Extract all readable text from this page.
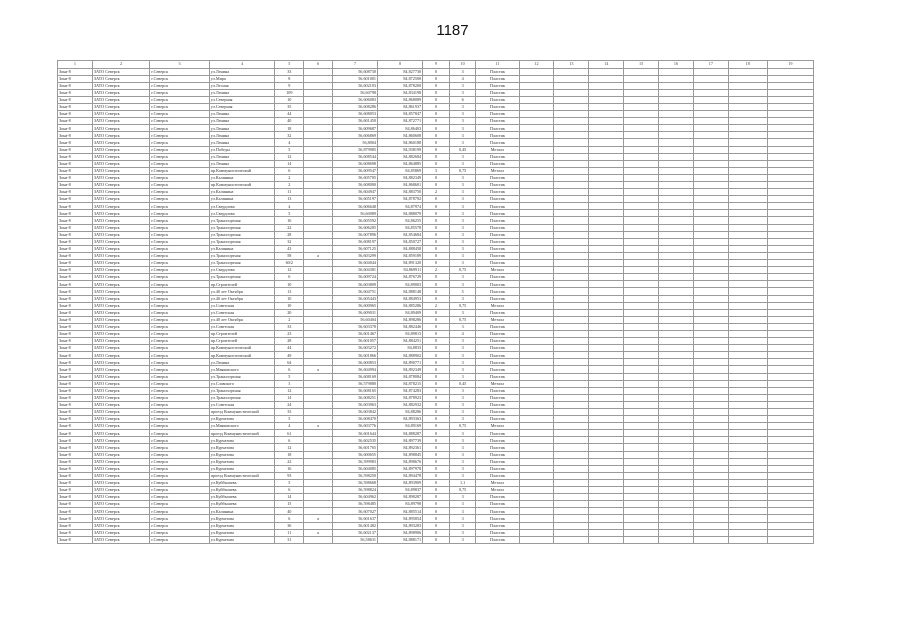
1187
1	2	3	4	5	6	7	8	9	10	11	12	13	14	15	16	17	18	19
Зона-8	ЗАТО Северск	г.Северск	ул.Ленина	33		56,608730	84,827730	0	3	Пластик								
Зона-8	ЗАТО Северск	г.Северск	ул.Мира	8		56,601001	84,872500	0	4	Пластик								
Зона-8	ЗАТО Северск	г.Северск	ул.Лесная	9		56,602103	84,878200	0	3	Пластик								
Зона-8	ЗАТО Северск	г.Северск	ул.Ленина	109		56,60798	84,834198	0	3	Пластик								
Зона-8	ЗАТО Северск	г.Северск	ул.Северная	10		56,606083	84,868089	0	6	Пластик								
Зона-8	ЗАТО Северск	г.Северск	ул.Северная	35		56,608286	84,861937	0	3	Пластик								
Зона-8	ЗАТО Северск	г.Северск	ул.Ленина	44		56,608053	84,857847	0	3	Пластик								
Зона-8	ЗАТО Северск	г.Северск	ул.Ленина	40		56,601450	84,872771	0	3	Пластик								
Зона-8	ЗАТО Северск	г.Северск	ул.Ленина	18		56,609687	84,86403	0	3	Пластик								
Зона-8	ЗАТО Северск	г.Северск	ул.Ленина	32		56,606869	84,860608	0	3	Пластик								
Зона-8	ЗАТО Северск	г.Северск	ул.Ленина	4		56,8004	84,860188	0	3	Пластик								
Зона-8	ЗАТО Северск	г.Северск	ул.Победы	5		56,879985	84,938199	0	0,45	Металл								
Зона-8	ЗАТО Северск	г.Северск	ул.Ленина	12		56,608544	84,882684	0	3	Пластик								
Зона-8	ЗАТО Северск	г.Северск	ул.Ленина	14		56,608698	84,864885	0	3	Пластик								
Зона-8	ЗАТО Северск	г.Северск	пр.Коммунистический	6		56,609547	84,85869	3	0,75	Металл								
Зона-8	ЗАТО Северск	г.Северск	ул.Калинина	2		56,605705	84,882349	0	3	Пластик								
Зона-8	ЗАТО Северск	г.Северск	пр.Коммунистический	2		56,608000	84,868601	0	3	Пластик								
Зона-8	ЗАТО Северск	г.Северск	ул.Калинина	11		56,604947	84,883750	2	3	Пластик								
Зона-8	ЗАТО Северск	г.Северск	ул.Калинина	13		56,605197	84,878792	0	3	Пластик								
Зона-8	ЗАТО Северск	г.Северск	ул.Свердлова	4		56,606648	84,87974	0	3	Пластик								
Зона-8	ЗАТО Северск	г.Северск	ул.Свердлова	5		56,60089	84,888079	0	3	Пластик								
Зона-8	ЗАТО Северск	г.Северск	ул.Транспортная	16		56,605592	84,86255	0	3	Пластик								
Зона-8	ЗАТО Северск	г.Северск	ул.Транспортная	22		56,606205	84,85578	0	3	Пластик								
Зона-8	ЗАТО Северск	г.Северск	ул.Транспортная	28		56,607896	84,854684	0	3	Пластик								
Зона-8	ЗАТО Северск	г.Северск	ул.Транспортная	32		56,608197	84,850727	0	3	Пластик								
Зона-8	ЗАТО Северск	г.Северск	ул.Калинина	43		56,607125	84,888458	0	3	Пластик								
Зона-8	ЗАТО Северск	г.Северск	ул.Транспортная	58	а	56,603299	84,859189	0	3	Пластик								
Зона-8	ЗАТО Северск	г.Северск	ул.Транспортная	60/2		56,604044	84,891320	0	3	Пластик								
Зона-8	ЗАТО Северск	г.Северск	ул.Свердлова	12		56,604381	84,869911	2	0,75	Металл								
Зона-8	ЗАТО Северск	г.Северск	ул.Транспортная	6		56,609724	84,876729	0	3	Пластик								
Зона-8	ЗАТО Северск	г.Северск	пр.Строителей	10		56,603809	84,89003	0	3	Пластик								
Зона-8	ЗАТО Северск	г.Северск	ул.40 лет Октября	13		56,604751	84,888148	0	5	Пластик								
Зона-8	ЗАТО Северск	г.Северск	ул.40 лет Октября	10		56,605443	84,884953	0	3	Пластик								
Зона-8	ЗАТО Северск	г.Северск	ул.Советская	10		56,600965	84,885286	2	0,75	Металл								
Зона-8	ЗАТО Северск	г.Северск	ул.Советская	20		56,609031	84,89409	0	3	Пластик								
Зона-8	ЗАТО Северск	г.Северск	ул.40 лет Октября	2		56,60404	84,898286	0	0,75	Металл								
Зона-8	ЗАТО Северск	г.Северск	ул.Советская	33		56,603378	84,882446	0	3	Пластик								
Зона-8	ЗАТО Северск	г.Северск	пр.Строителей	23		56,601467	84,89813	0	4	Пластик								
Зона-8	ЗАТО Северск	г.Северск	пр.Строителей	28		56,601057	84,884251	0	3	Пластик								
Зона-8	ЗАТО Северск	г.Северск	пр.Коммунистический	44		56,603272	84,8833	0	3	Пластик								
Зона-8	ЗАТО Северск	г.Северск	пр.Коммунистический	49		56,601866	84,888902	0	3	Пластик								
Зона-8	ЗАТО Северск	г.Северск	ул.Ленина	64		56,600853	84,890771	0	3	Пластик								
Зона-8	ЗАТО Северск	г.Северск	ул.Маяковского	6	а	56,604994	84,892349	0	3	Пластик								
Зона-8	ЗАТО Северск	г.Северск	ул.Транспортная	5		56,608169	84,878084	0	3	Пластик								
Зона-8	ЗАТО Северск	г.Северск	ул.Славского	3		56,579880	84,878215	0	0,45	Металл								
Зона-8	ЗАТО Северск	г.Северск	ул.Транспортная	12		56,608165	84,874283	0	3	Пластик								
Зона-8	ЗАТО Северск	г.Северск	ул.Транспортная	14		56,608251	84,878923	0	3	Пластик								
Зона-8	ЗАТО Северск	г.Северск	ул.Советская	24		56,603963	84,882932	0	3	Пластик								
Зона-8	ЗАТО Северск	г.Северск	проезд Коммунистический	33		56,603842	84,88286	0	3	Пластик								
Зона-8	ЗАТО Северск	г.Северск	ул.Курчатова	5		56,608470	84,893363	0	3	Пластик								
Зона-8	ЗАТО Северск	г.Северск	ул.Маяковского	4	а	56,603776	84,89169	0	0,75	Металл								
Зона-8	ЗАТО Северск	г.Северск	проезд Коммунистический	61		56,601644	84,888287	0	3	Пластик								
Зона-8	ЗАТО Северск	г.Северск	ул.Курчатова	6		56,602535	84,897739	0	3	Пластик								
Зона-8	ЗАТО Северск	г.Северск	ул.Курчатова	12		56,601765	84,892361	0	3	Пластик								
Зона-8	ЗАТО Северск	г.Северск	ул.Курчатова	18		56,600655	84,898845	0	3	Пластик								
Зона-8	ЗАТО Северск	г.Северск	ул.Курчатова	22		56,599983	84,898676	0	3	Пластик								
Зона-8	ЗАТО Северск	г.Северск	ул.Курчатова	16		56,604085	84,897978	0	3	Пластик								
Зона-8	ЗАТО Северск	г.Северск	проезд Коммунистический	93		56,598250	84,894478	0	3	Пластик								
Зона-8	ЗАТО Северск	г.Северск	ул.Куйбышева	5		56,598668	84,893909	0	1,1	Металл								
Зона-8	ЗАТО Северск	г.Северск	ул.Куйбышева	6		56,598824	84,89837	0	0,75	Металл								
Зона-8	ЗАТО Северск	г.Северск	ул.Куйбышева	14		56,604962	84,898287	0	3	Пластик								
Зона-8	ЗАТО Северск	г.Северск	ул.Куйбышева	15		56,598485	84,89798	0	3	Пластик								
Зона-8	ЗАТО Северск	г.Северск	ул.Калинина	40		56,607027	84,885514	0	3	Пластик								
Зона-8	ЗАТО Северск	г.Северск	ул.Курчатова	6	а	56,601637	84,895854	0	3	Пластик								
Зона-8	ЗАТО Северск	г.Северск	ул.Курчатова	36		56,601482	84,893283	0	3	Пластик								
Зона-8	ЗАТО Северск	г.Северск	ул.Курчатова	11	а	56,602137	84,898906	0	3	Пластик								
Зона-8	ЗАТО Северск	г.Северск	ул.Курчатова	31		56,58631	84,888171	0	3	Пластик								
